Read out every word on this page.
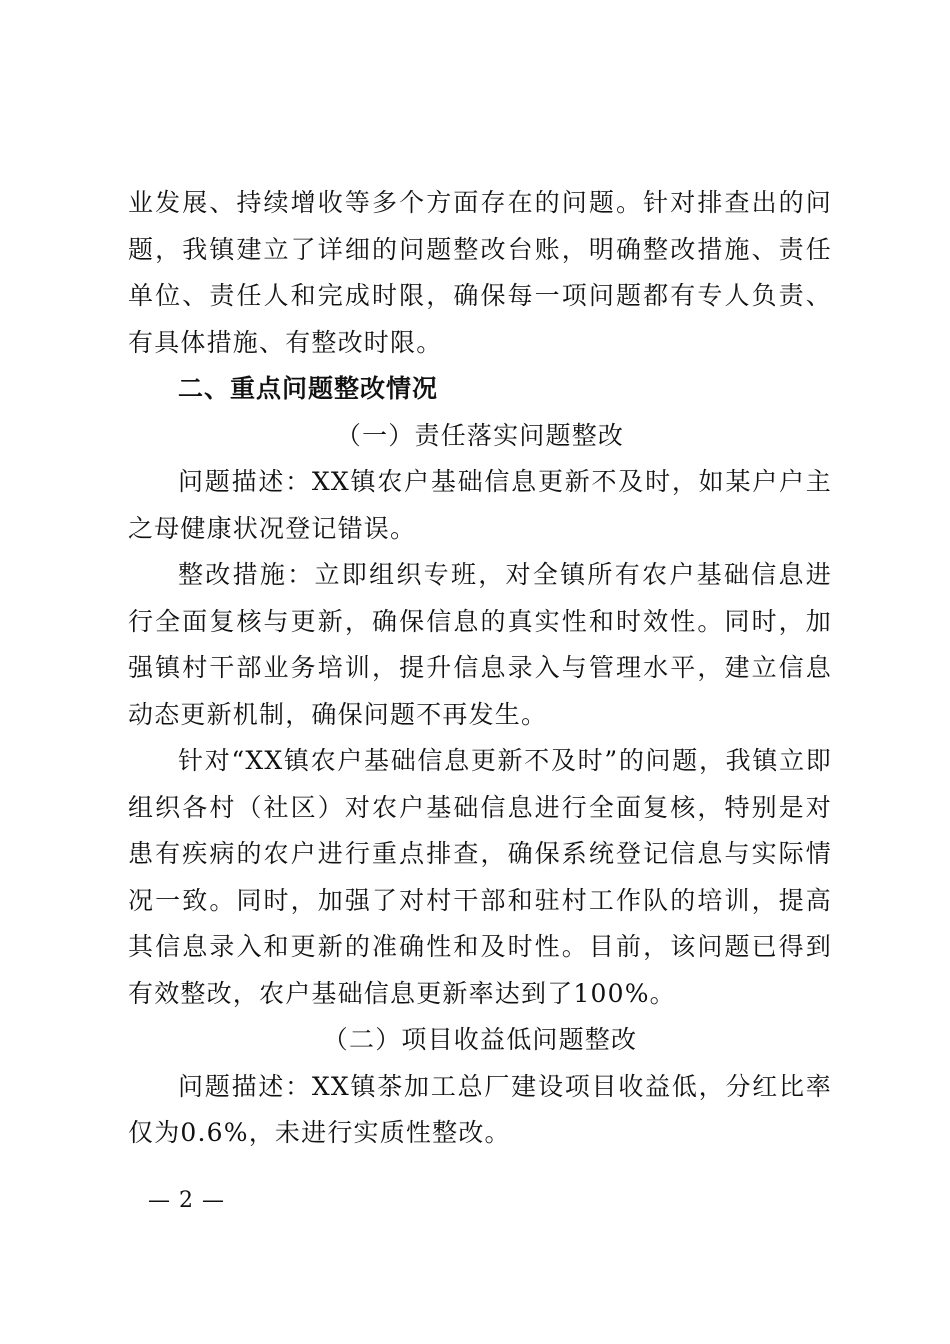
业发展、持续增收等多个方面存在的问题。针对排查出的问题，我镇建立了详细的问题整改台账，明确整改措施、责任单位、责任人和完成时限，确保每一项问题都有专人负责、有具体措施、有整改时限。

二、重点问题整改情况

（一）责任落实问题整改

问题描述：XX镇农户基础信息更新不及时，如某户户主之母健康状况登记错误。

整改措施：立即组织专班，对全镇所有农户基础信息进行全面复核与更新，确保信息的真实性和时效性。同时，加强镇村干部业务培训，提升信息录入与管理水平，建立信息动态更新机制，确保问题不再发生。

针对“XX镇农户基础信息更新不及时”的问题，我镇立即组织各村（社区）对农户基础信息进行全面复核，特别是对患有疾病的农户进行重点排查，确保系统登记信息与实际情况一致。同时，加强了对村干部和驻村工作队的培训，提高其信息录入和更新的准确性和及时性。目前，该问题已得到有效整改，农户基础信息更新率达到了100%。

（二）项目收益低问题整改

问题描述：XX镇茶加工总厂建设项目收益低，分红比率仅为0.6%，未进行实质性整改。

— 2 —
